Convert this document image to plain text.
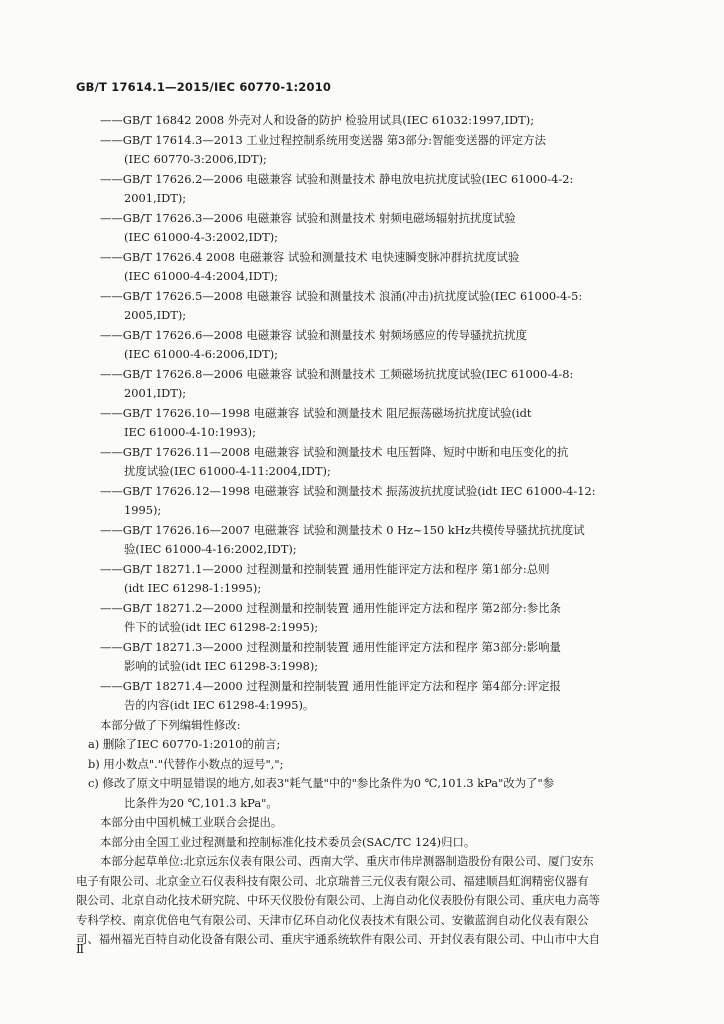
GB/T 17614.1—2015/IEC 60770-1:2010
——GB/T 16842 2008 外壳对人和设备的防护 检验用试具(IEC 61032:1997,IDT);
——GB/T 17614.3—2013 工业过程控制系统用变送器 第3部分:智能变送器的评定方法
(IEC 60770-3:2006,IDT);
——GB/T 17626.2—2006 电磁兼容 试验和测量技术 静电放电抗扰度试验(IEC 61000-4-2:
2001,IDT);
——GB/T 17626.3—2006 电磁兼容 试验和测量技术 射频电磁场辐射抗扰度试验
(IEC 61000-4-3:2002,IDT);
——GB/T 17626.4 2008 电磁兼容 试验和测量技术 电快速瞬变脉冲群抗扰度试验
(IEC 61000-4-4:2004,IDT);
——GB/T 17626.5—2008 电磁兼容 试验和测量技术 浪涌(冲击)抗扰度试验(IEC 61000-4-5:
2005,IDT);
——GB/T 17626.6—2008 电磁兼容 试验和测量技术 射频场感应的传导骚扰抗扰度
(IEC 61000-4-6:2006,IDT);
——GB/T 17626.8—2006 电磁兼容 试验和测量技术 工频磁场抗扰度试验(IEC 61000-4-8:
2001,IDT);
——GB/T 17626.10—1998 电磁兼容 试验和测量技术 阻尼振荡磁场抗扰度试验(idt
IEC 61000-4-10:1993);
——GB/T 17626.11—2008 电磁兼容 试验和测量技术 电压暂降、短时中断和电压变化的抗
扰度试验(IEC 61000-4-11:2004,IDT);
——GB/T 17626.12—1998 电磁兼容 试验和测量技术 振荡波抗扰度试验(idt IEC 61000-4-12:
1995);
——GB/T 17626.16—2007 电磁兼容 试验和测量技术 0 Hz~150 kHz共模传导骚扰抗扰度试
验(IEC 61000-4-16:2002,IDT);
——GB/T 18271.1—2000 过程测量和控制装置 通用性能评定方法和程序 第1部分:总则
(idt IEC 61298-1:1995);
——GB/T 18271.2—2000 过程测量和控制装置 通用性能评定方法和程序 第2部分:参比条
件下的试验(idt IEC 61298-2:1995);
——GB/T 18271.3—2000 过程测量和控制装置 通用性能评定方法和程序 第3部分:影响量
影响的试验(idt IEC 61298-3:1998);
——GB/T 18271.4—2000 过程测量和控制装置 通用性能评定方法和程序 第4部分:评定报
告的内容(idt IEC 61298-4:1995)。
本部分做了下列编辑性修改:
a) 删除了IEC 60770-1:2010的前言;
b) 用小数点"."代替作小数点的逗号",";
c) 修改了原文中明显错误的地方,如表3"耗气量"中的"参比条件为0 ℃,101.3 kPa"改为了"参
比条件为20 ℃,101.3 kPa"。
本部分由中国机械工业联合会提出。
本部分由全国工业过程测量和控制标准化技术委员会(SAC/TC 124)归口。
本部分起草单位:北京远东仪表有限公司、西南大学、重庆市伟岸测器制造股份有限公司、厦门安东
电子有限公司、北京金立石仪表科技有限公司、北京瑞普三元仪表有限公司、福建顺昌虹润精密仪器有
限公司、北京自动化技术研究院、中环天仪股份有限公司、上海自动化仪表股份有限公司、重庆电力高等
专科学校、南京优倍电气有限公司、天津市亿环自动化仪表技术有限公司、安徽蓝润自动化仪表有限公
司、福州福光百特自动化设备有限公司、重庆宇通系统软件有限公司、开封仪表有限公司、中山市中大自
Ⅱ
